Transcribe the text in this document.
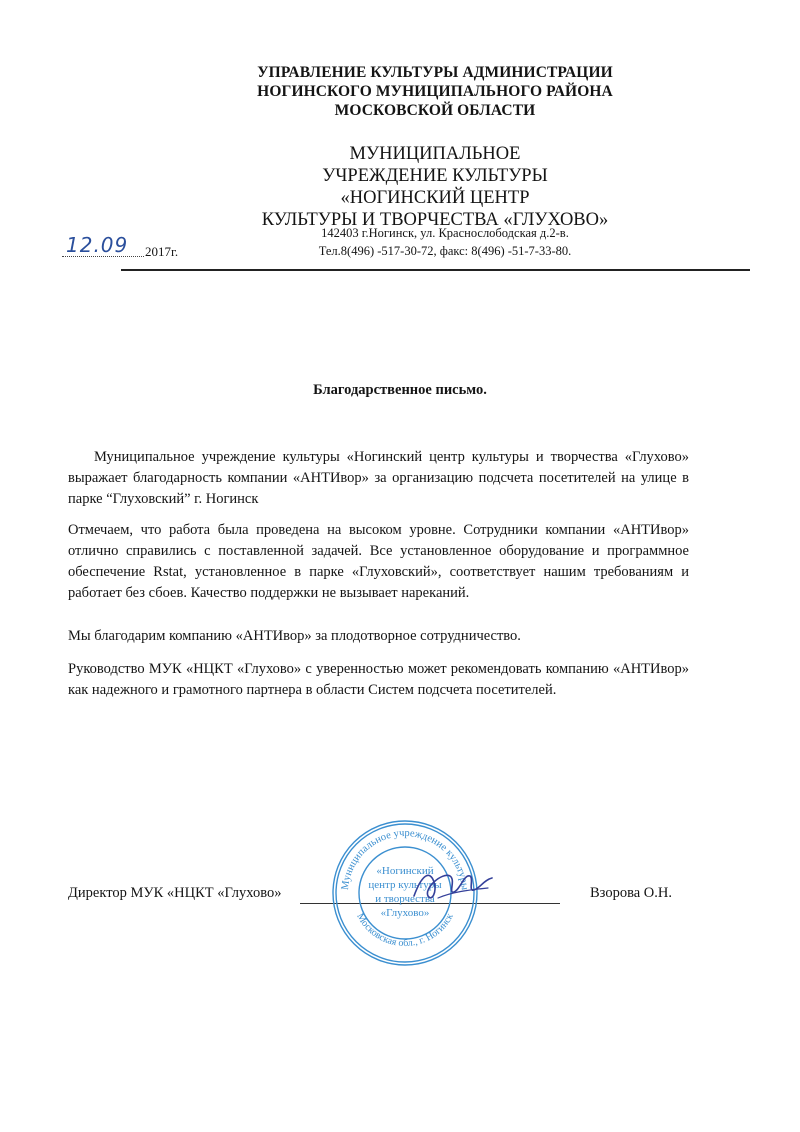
УПРАВЛЕНИЕ КУЛЬТУРЫ АДМИНИСТРАЦИИ
НОГИНСКОГО МУНИЦИПАЛЬНОГО РАЙОНА
МОСКОВСКОЙ ОБЛАСТИ
МУНИЦИПАЛЬНОЕ
УЧРЕЖДЕНИЕ КУЛЬТУРЫ
«НОГИНСКИЙ ЦЕНТР
КУЛЬТУРЫ И ТВОРЧЕСТВА «ГЛУХОВО»
142403 г.Ногинск, ул. Краснослободская д.2-в.
Тел.8(496) -517-30-72, факс: 8(496) -51-7-33-80.
12.09 2017г.
Благодарственное письмо.
Муниципальное учреждение культуры «Ногинский центр культуры и творчества «Глухово» выражает благодарность компании «АНТИвор» за организацию подсчета посетителей на улице в парке “Глуховский” г. Ногинск
Отмечаем, что работа была проведена на высоком уровне. Сотрудники компании «АНТИвор» отлично справились с поставленной задачей. Все установленное оборудование и программное обеспечение Rstat, установленное в парке «Глуховский», соответствует нашим требованиям и работает без сбоев. Качество поддержки не вызывает нареканий.
Мы благодарим компанию «АНТИвор» за плодотворное сотрудничество.
Руководство МУК «НЦКТ «Глухово» с уверенностью может рекомендовать компанию «АНТИвор» как надежного и грамотного партнера в области Систем подсчета посетителей.
Директор МУК «НЦКТ «Глухово»	Взорова О.Н.
Муниципальное учреждение культуры
Московская обл., г. Ногинск
«Ногинский
центр культуры
и творчества
«Глухово»
